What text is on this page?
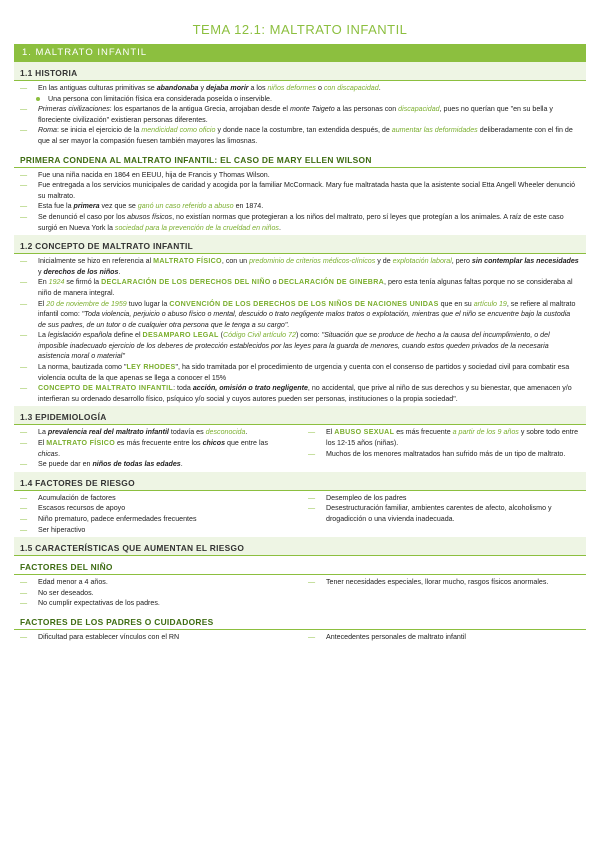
TEMA 12.1: MALTRATO INFANTIL
1. MALTRATO INFANTIL
1.1 HISTORIA
— En las antiguas culturas primitivas se abandonaba y dejaba morir a los niños deformes o con discapacidad.
Una persona con limitación física era considerada poseída o inservible.
— Primeras civilizaciones: los espartanos de la antigua Grecia, arrojaban desde el monte Taigeto a las personas con discapacidad, pues no querían que "en su bella y floreciente civilización" existieran personas diferentes.
— Roma: se inicia el ejercicio de la mendicidad como oficio y donde nace la costumbre, tan extendida después, de aumentar las deformidades deliberadamente con el fin de que al ser mayor la compasión fuesen también mayores las limosnas.
PRIMERA CONDENA AL MALTRATO INFANTIL: EL CASO DE MARY ELLEN WILSON
— Fue una niña nacida en 1864 en EEUU, hija de Francis y Thomas Wilson.
— Fue entregada a los servicios municipales de caridad y acogida por la familiar McCormack. Mary fue maltratada hasta que la asistente social Etta Angell Wheeler denunció su maltrato.
— Esta fue la primera vez que se ganó un caso referido a abuso en 1874.
— Se denunció el caso por los abusos físicos, no existían normas que protegieran a los niños del maltrato, pero sí leyes que protegían a los animales. A raíz de este caso surgió en Nueva York la sociedad para la prevención de la crueldad en niños.
1.2 CONCEPTO DE MALTRATO INFANTIL
— Inicialmente se hizo en referencia al MALTRATO FÍSICO, con un predominio de criterios médicos-clínicos y de explotación laboral, pero sin contemplar las necesidades y derechos de los niños.
— En 1924 se firmó la DECLARACIÓN DE LOS DERECHOS DEL NIÑO o DECLARACIÓN DE GINEBRA, pero esta tenía algunas faltas porque no se consideraba al niño de manera integral.
— El 20 de noviembre de 1959 tuvo lugar la CONVENCIÓN DE LOS DERECHOS DE LOS NIÑOS DE NACIONES UNIDAS que en su artículo 19, se refiere al maltrato infantil como: "Toda violencia, perjuicio o abuso físico o mental, descuido o trato negligente malos tratos o explotación, mientras que el niño se encuentre bajo la custodia de sus padres, de un tutor o de cualquier otra persona que le tenga a su cargo".
— La legislación española define el DESAMPARO LEGAL (Código Civil artículo 72) como: "Situación que se produce de hecho a la causa del incumplimiento, o del imposible inadecuado ejercicio de los deberes de protección establecidos por las leyes para la guarda de menores, cuando estos queden privados de la necesaria asistencia moral o material"
— La norma, bautizada como "LEY RHODES", ha sido tramitada por el procedimiento de urgencia y cuenta con el consenso de partidos y sociedad civil para combatir esa violencia oculta de la que apenas se llega a conocer el 15%
— CONCEPTO DE MALTRATO INFANTIL: toda acción, omisión o trato negligente, no accidental, que prive al niño de sus derechos y su bienestar, que amenacen y/o interfieran su ordenado desarrollo físico, psíquico y/o social y cuyos autores pueden ser personas, instituciones o la propia sociedad".
1.3 EPIDEMIOLOGÍA
— La prevalencia real del maltrato infantil todavía es desconocida.
— El MALTRATO FÍSICO es más frecuente entre los chicos que entre las chicas.
— Se puede dar en niños de todas las edades.
— El ABUSO SEXUAL es más frecuente a partir de los 9 años y sobre todo entre los 12-15 años (niñas).
— Muchos de los menores maltratados han sufrido más de un tipo de maltrato.
1.4 FACTORES DE RIESGO
— Acumulación de factores
— Escasos recursos de apoyo
— Niño prematuro, padece enfermedades frecuentes
— Ser hiperactivo
— Desempleo de los padres
— Desestructuración familiar, ambientes carentes de afecto, alcoholismo y drogadicción o una vivienda inadecuada.
1.5 CARACTERÍSTICAS QUE AUMENTAN EL RIESGO
FACTORES DEL NIÑO
— Edad menor a 4 años.
— No ser deseados.
— No cumplir expectativas de los padres.
— Tener necesidades especiales, llorar mucho, rasgos físicos anormales.
FACTORES DE LOS PADRES O CUIDADORES
— Dificultad para establecer vínculos con el RN	— Antecedentes personales de maltrato infantil
